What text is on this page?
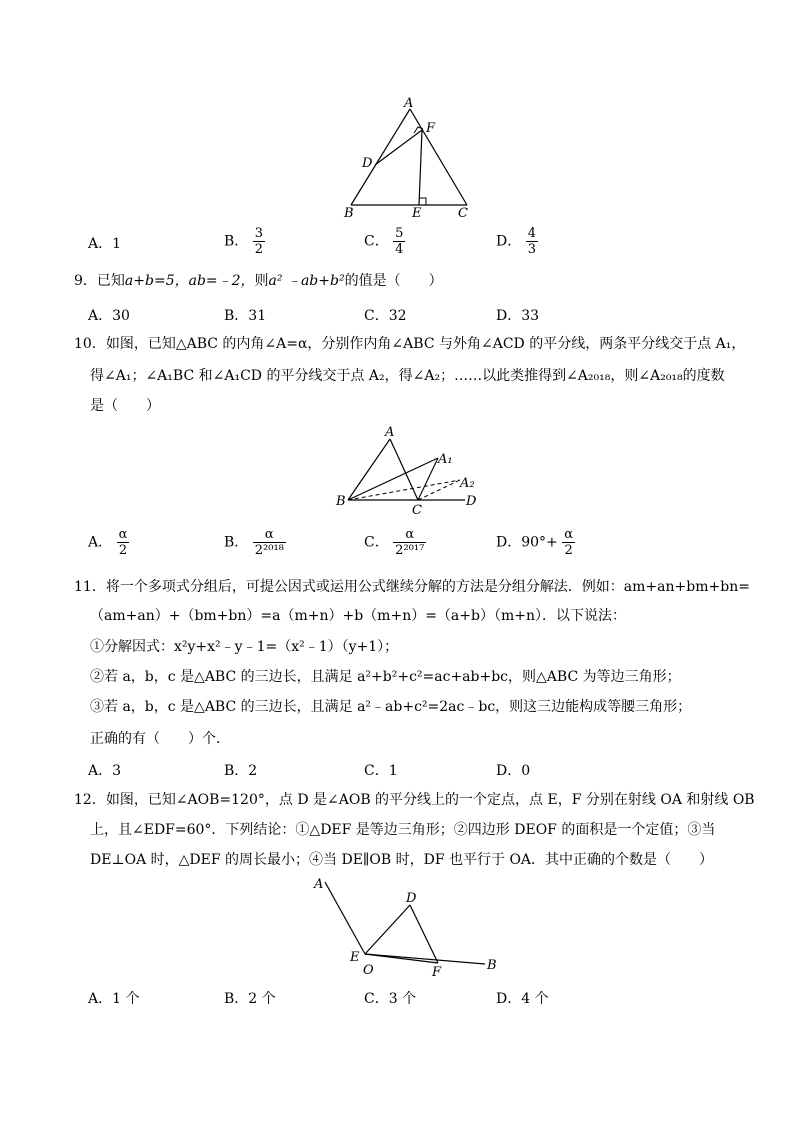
A
F
D
B	E	C
A．1	B． $\frac{3}{2}$	C． $\frac{5}{4}$	D． $\frac{4}{3}$
9．已知a+b=5，ab=﹣2，则a² ﹣ab+b²的值是（　　）
A．30	B．31	C．32	D．33
10．如图，已知△ABC 的内角∠A=α，分别作内角∠ABC 与外角∠ACD 的平分线，两条平分线交于点 A₁，
得∠A₁；∠A₁BC 和∠A₁CD 的平分线交于点 A₂，得∠A₂；……以此类推得到∠A₂₀₁₈，则∠A₂₀₁₈的度数
是（　　）
A
A₁
A₂
B
C
D
A． $\frac{\alpha}{2}$	B． $\frac{\alpha}{\text{2²⁰¹⁸}}$	C． $\frac{\alpha}{\text{2²⁰¹⁷}}$	D．$90^\circ+ \frac{\alpha}{2}$
11．将一个多项式分组后，可提公因式或运用公式继续分解的方法是分组分解法．例如：am+an+bm+bn=
（am+an）+（bm+bn）=a（m+n）+b（m+n）=（a+b）（m+n）．以下说法：
①分解因式：x²y+x²﹣y﹣1=（x²﹣1）（y+1）；
②若 a，b，c 是△ABC 的三边长，且满足 a²+b²+c²=ac+ab+bc，则△ABC 为等边三角形；
③若 a，b，c 是△ABC 的三边长，且满足 a²﹣ab+c²=2ac﹣bc，则这三边能构成等腰三角形；
正确的有（　　）个．
A．3	B．2	C．1	D．0
12．如图，已知∠AOB=120°，点 D 是∠AOB 的平分线上的一个定点，点 E，F 分别在射线 OA 和射线 OB
上，且∠EDF=60°．下列结论：①△DEF 是等边三角形；②四边形 DEOF 的面积是一个定值；③当
DE⊥OA 时，△DEF 的周长最小；④当 DE∥OB 时，DF 也平行于 OA．其中正确的个数是（　　）
A
D
E
O	F	B
A．1 个	B．2 个	C．3 个	D．4 个
